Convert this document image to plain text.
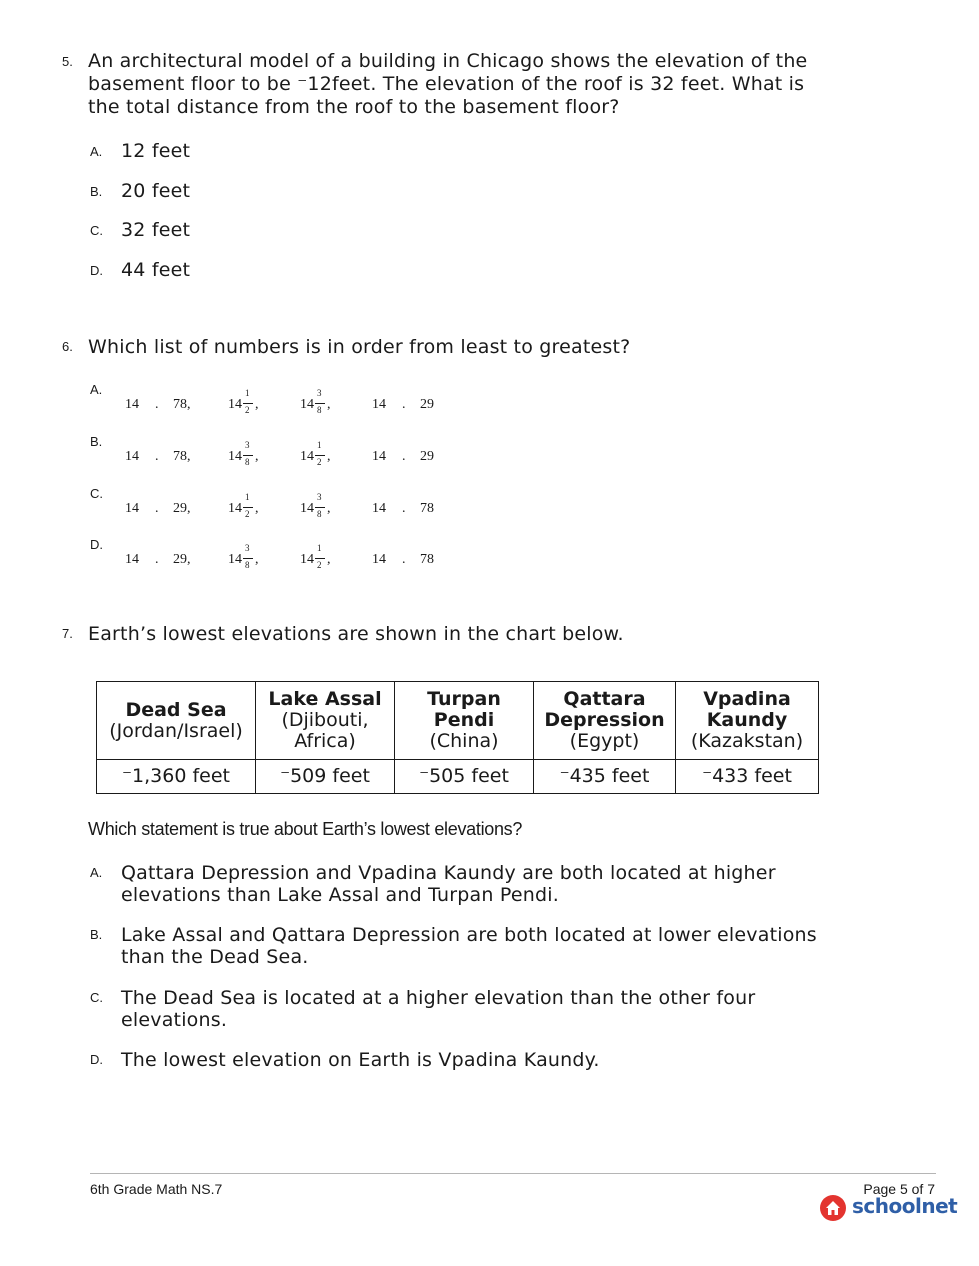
5. An architectural model of a building in Chicago shows the elevation of the basement floor to be ⁻12feet. The elevation of the roof is 32 feet. What is the total distance from the roof to the basement floor?
A. 12 feet
B. 20 feet
C. 32 feet
D. 44 feet
6. Which list of numbers is in order from least to greatest?
A.
14 . 78,	14
1
2 ,	14
3
8 ,	14 . 29
B.
14 . 78,	14
3
8 ,	14
1
2 ,	14 . 29
C.
14 . 29,	14
1
2 ,	14
3
8 ,	14 . 78
D.
14 . 29,	14
3
8 ,	14
1
2 ,	14 . 78
7. Earth’s lowest elevations are shown in the chart below.
Dead Sea
(Jordan/Israel)	Lake Assal
(Djibouti,
Africa)	Turpan
Pendi
(China)	Qattara
Depression
(Egypt)	Vpadina
Kaundy
(Kazakstan)

⁻1,360 feet	⁻509 feet	⁻505 feet	⁻435 feet	⁻433 feet
Which statement is true about Earth’s lowest elevations?
A. Qattara Depression and Vpadina Kaundy are both located at higher elevations than Lake Assal and Turpan Pendi.
B. Lake Assal and Qattara Depression are both located at lower elevations than the Dead Sea.
C. The Dead Sea is located at a higher elevation than the other four elevations.
D. The lowest elevation on Earth is Vpadina Kaundy.
6th Grade Math NS.7	Page 5 of 7
schoolnet
